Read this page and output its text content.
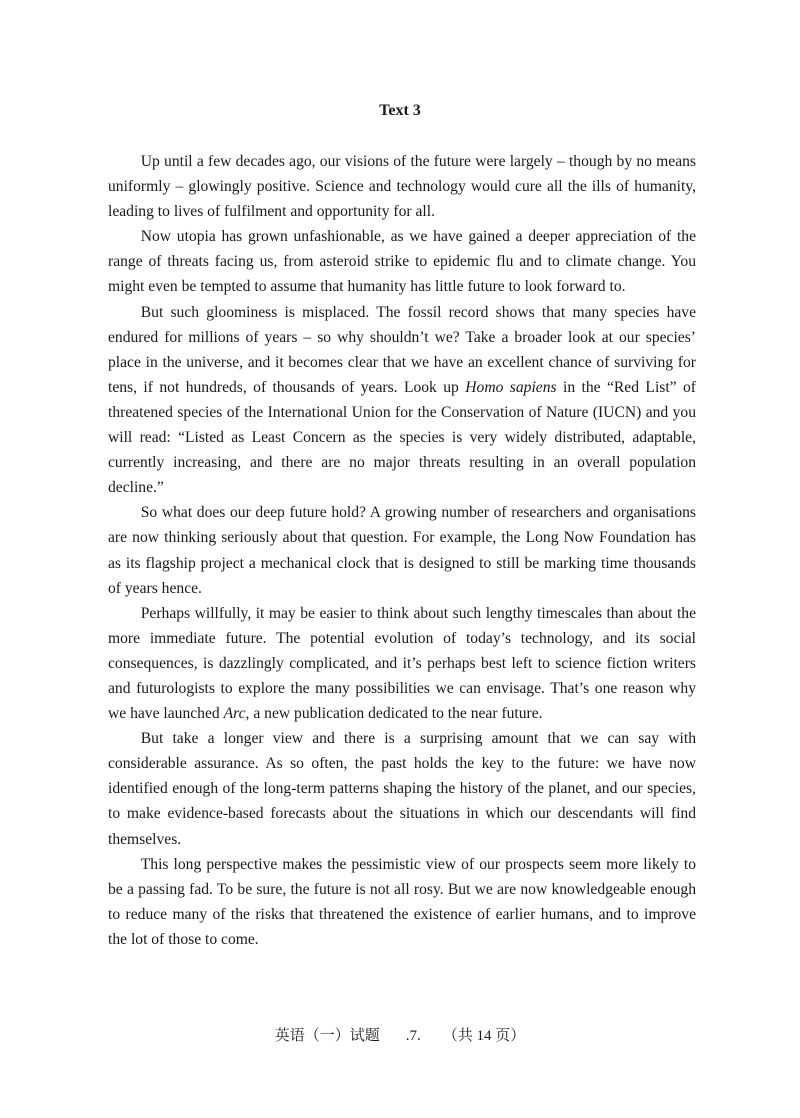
Text 3

Up until a few decades ago, our visions of the future were largely – though by no means uniformly – glowingly positive. Science and technology would cure all the ills of humanity, leading to lives of fulfilment and opportunity for all.

Now utopia has grown unfashionable, as we have gained a deeper appreciation of the range of threats facing us, from asteroid strike to epidemic flu and to climate change. You might even be tempted to assume that humanity has little future to look forward to.

But such gloominess is misplaced. The fossil record shows that many species have endured for millions of years – so why shouldn’t we? Take a broader look at our species’ place in the universe, and it becomes clear that we have an excellent chance of surviving for tens, if not hundreds, of thousands of years. Look up Homo sapiens in the “Red List” of threatened species of the International Union for the Conservation of Nature (IUCN) and you will read: “Listed as Least Concern as the species is very widely distributed, adaptable, currently increasing, and there are no major threats resulting in an overall population decline.”

So what does our deep future hold? A growing number of researchers and organisations are now thinking seriously about that question. For example, the Long Now Foundation has as its flagship project a mechanical clock that is designed to still be marking time thousands of years hence.

Perhaps willfully, it may be easier to think about such lengthy timescales than about the more immediate future. The potential evolution of today’s technology, and its social consequences, is dazzlingly complicated, and it’s perhaps best left to science fiction writers and futurologists to explore the many possibilities we can envisage. That’s one reason why we have launched Arc, a new publication dedicated to the near future.

But take a longer view and there is a surprising amount that we can say with considerable assurance. As so often, the past holds the key to the future: we have now identified enough of the long-term patterns shaping the history of the planet, and our species, to make evidence-based forecasts about the situations in which our descendants will find themselves.

This long perspective makes the pessimistic view of our prospects seem more likely to be a passing fad. To be sure, the future is not all rosy. But we are now knowledgeable enough to reduce many of the risks that threatened the existence of earlier humans, and to improve the lot of those to come.

英语（一）试题 .7. （共 14 页）
